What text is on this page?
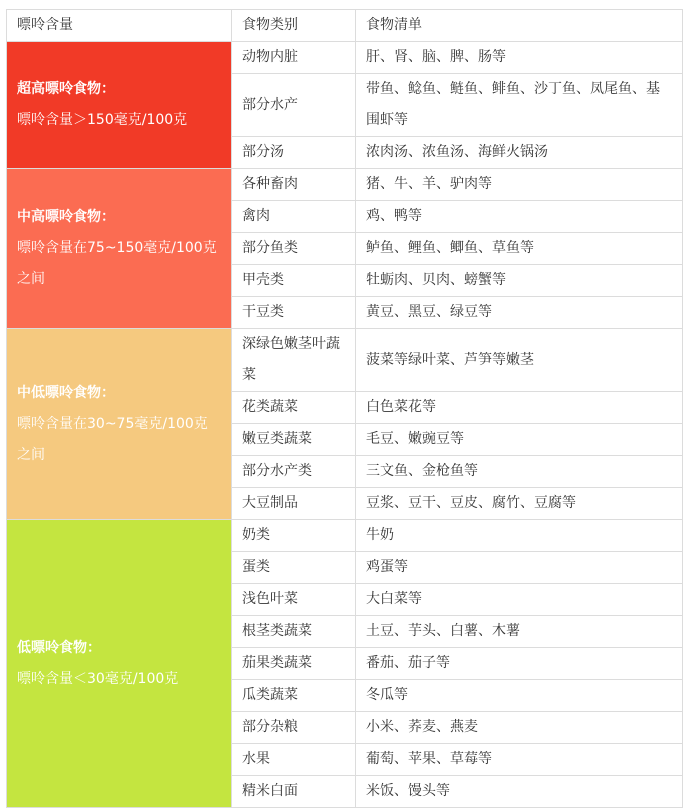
嘌呤含量	食物类别	食物清单

超高嘌呤食物：
嘌呤含量＞150毫克/100克	动物内脏	肝、肾、脑、脾、肠等
	部分水产	带鱼、鲶鱼、鲢鱼、鲱鱼、沙丁鱼、凤尾鱼、基围虾等
	部分汤	浓肉汤、浓鱼汤、海鲜火锅汤

中高嘌呤食物：
嘌呤含量在75~150毫克/100克之间	各种畜肉	猪、牛、羊、驴肉等
	禽肉	鸡、鸭等
	部分鱼类	鲈鱼、鲤鱼、鲫鱼、草鱼等
	甲壳类	牡蛎肉、贝肉、螃蟹等
	干豆类	黄豆、黑豆、绿豆等

中低嘌呤食物：
嘌呤含量在30~75毫克/100克之间	深绿色嫩茎叶蔬菜	菠菜等绿叶菜、芦笋等嫩茎
	花类蔬菜	白色菜花等
	嫩豆类蔬菜	毛豆、嫩豌豆等
	部分水产类	三文鱼、金枪鱼等
	大豆制品	豆浆、豆干、豆皮、腐竹、豆腐等

低嘌呤食物：
嘌呤含量＜30毫克/100克	奶类	牛奶
	蛋类	鸡蛋等
	浅色叶菜	大白菜等
	根茎类蔬菜	土豆、芋头、白薯、木薯
	茄果类蔬菜	番茄、茄子等
	瓜类蔬菜	冬瓜等
	部分杂粮	小米、荞麦、燕麦
	水果	葡萄、苹果、草莓等
	精米白面	米饭、馒头等
